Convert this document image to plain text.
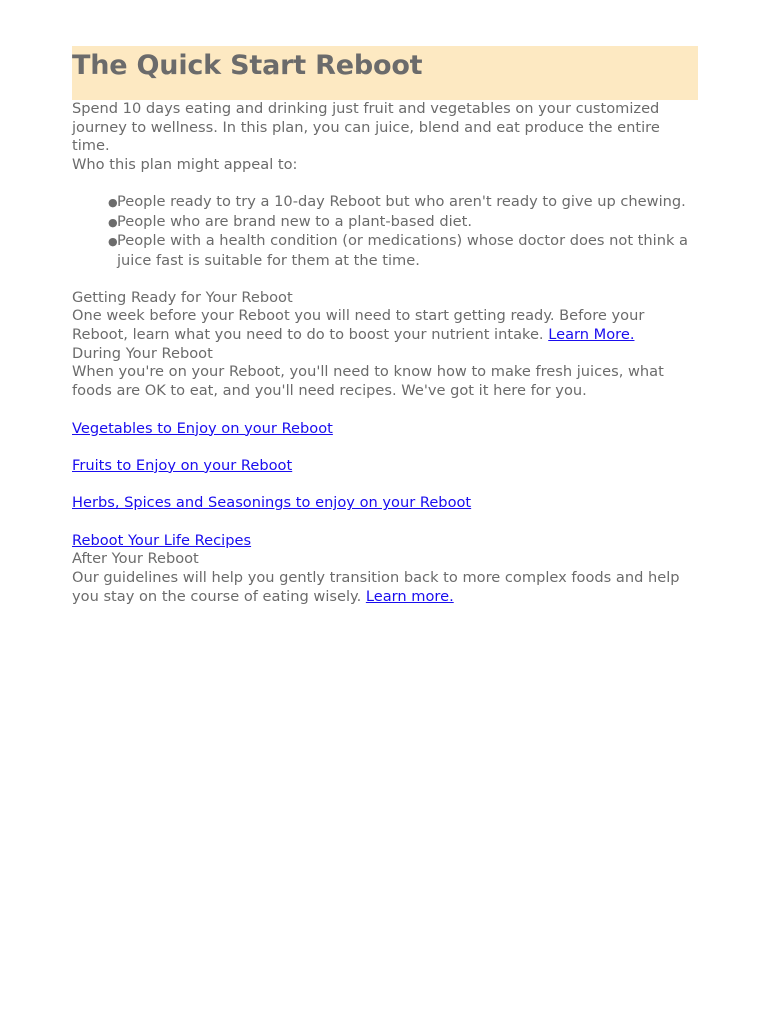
The Quick Start Reboot

Spend 10 days eating and drinking just fruit and vegetables on your customized journey to wellness. In this plan, you can juice, blend and eat produce the entire time.
Who this plan might appeal to:

●People ready to try a 10-day Reboot but who aren't ready to give up chewing.
●People who are brand new to a plant-based diet.
●People with a health condition (or medications) whose doctor does not think a juice fast is suitable for them at the time.

Getting Ready for Your Reboot
One week before your Reboot you will need to start getting ready. Before your Reboot, learn what you need to do to boost your nutrient intake. Learn More.

During Your Reboot
When you're on your Reboot, you'll need to know how to make fresh juices, what foods are OK to eat, and you'll need recipes. We've got it here for you.

Vegetables to Enjoy on your Reboot

Fruits to Enjoy on your Reboot

Herbs, Spices and Seasonings to enjoy on your Reboot

Reboot Your Life Recipes

After Your Reboot
Our guidelines will help you gently transition back to more complex foods and help you stay on the course of eating wisely. Learn more.
